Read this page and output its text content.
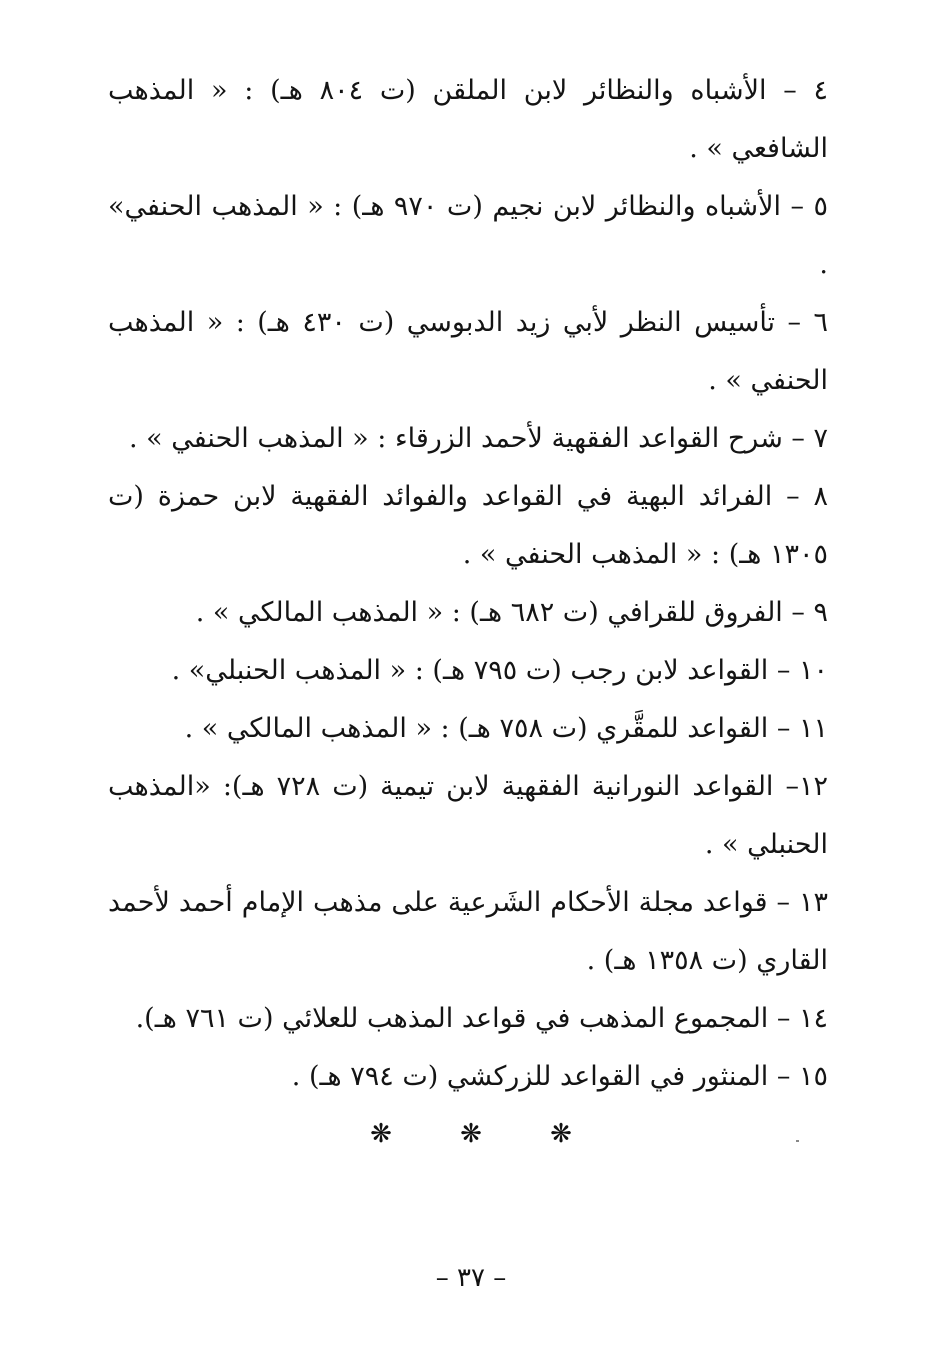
٤ – الأشباه والنظائر لابن الملقن (ت ٨٠٤ هـ) : « المذهب الشافعي » .

٥ – الأشباه والنظائر لابن نجيم (ت ٩٧٠ هـ) : « المذهب الحنفي» .

٦ – تأسيس النظر لأبي زيد الدبوسي (ت ٤٣٠ هـ) : « المذهب الحنفي » .

٧ – شرح القواعد الفقهية لأحمد الزرقاء : « المذهب الحنفي » .

٨ – الفرائد البهية في القواعد والفوائد الفقهية لابن حمزة (ت ١٣٠٥ هـ) : « المذهب الحنفي » .

٩ – الفروق للقرافي (ت ٦٨٢ هـ) : « المذهب المالكي » .

١٠ – القواعد لابن رجب (ت ٧٩٥ هـ) : « المذهب الحنبلي» .

١١ – القواعد للمقَّري (ت ٧٥٨ هـ) : « المذهب المالكي » .

١٢– القواعد النورانية الفقهية لابن تيمية (ت ٧٢٨ هـ): «المذهب الحنبلي » .

١٣ – قواعد مجلة الأحكام الشَرعية على مذهب الإمام أحمد لأحمد القاري (ت ١٣٥٨ هـ) .

١٤ – المجموع المذهب في قواعد المذهب للعلائي (ت ٧٦١ هـ).

١٥ – المنثور في القواعد للزركشي (ت ٧٩٤ هـ) .

❋	❋	❋
– ٣٧ –
